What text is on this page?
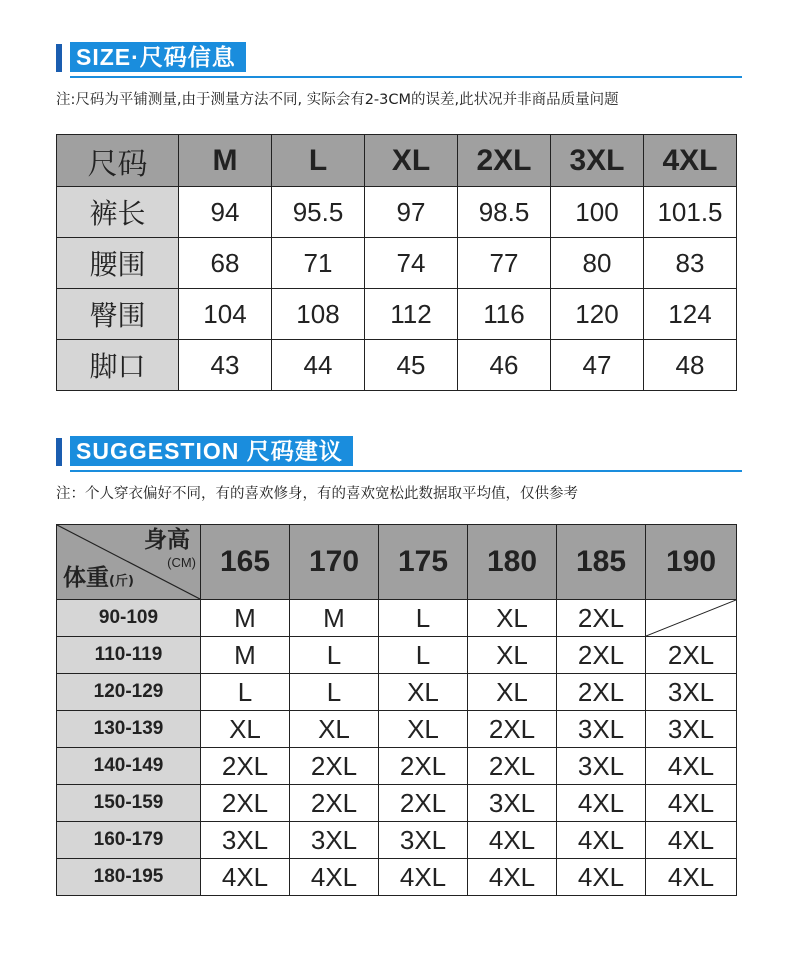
SIZE·尺码信息
注:尺码为平铺测量,由于测量方法不同, 实际会有2-3CM的误差,此状况并非商品质量问题
尺码	M	L	XL	2XL	3XL	4XL
裤长	94	95.5	97	98.5	100	101.5
腰围	68	71	74	77	80	83
臀围	104	108	112	116	120	124
脚口	43	44	45	46	47	48
SUGGESTION 尺码建议
注：个人穿衣偏好不同，有的喜欢修身，有的喜欢宽松此数据取平均值，仅供参考
身高
(CM)
体重(斤)	165	170	175	180	185	190
90-109	M	M	L	XL	2XL	

110-119	M	L	L	XL	2XL	2XL
120-129	L	L	XL	XL	2XL	3XL
130-139	XL	XL	XL	2XL	3XL	3XL
140-149	2XL	2XL	2XL	2XL	3XL	4XL
150-159	2XL	2XL	2XL	3XL	4XL	4XL
160-179	3XL	3XL	3XL	4XL	4XL	4XL
180-195	4XL	4XL	4XL	4XL	4XL	4XL
